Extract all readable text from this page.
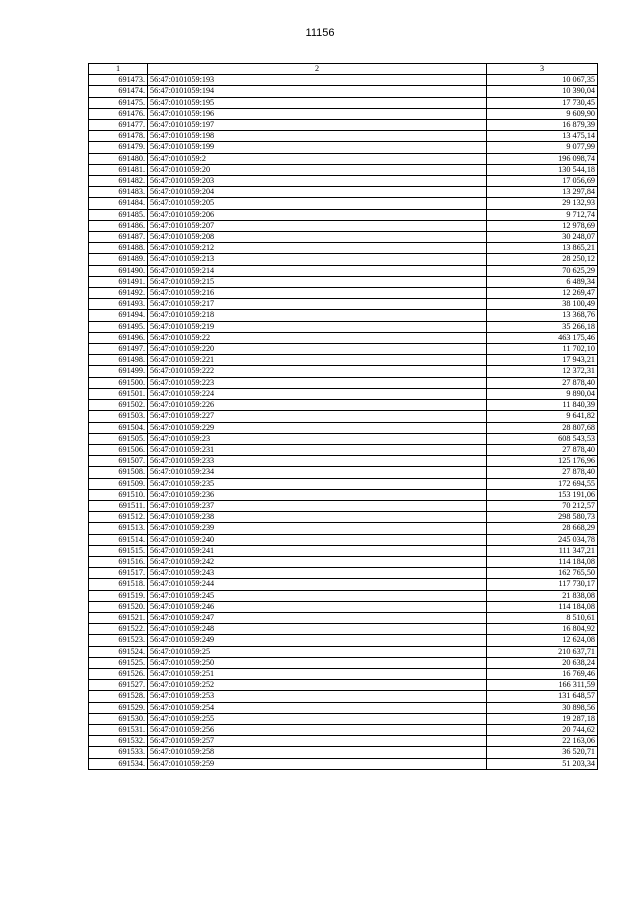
11156
1	2	3
691473.	56:47:0101059:193	10 067,35
691474.	56:47:0101059:194	10 390,04
691475.	56:47:0101059:195	17 730,45
691476.	56:47:0101059:196	9 609,90
691477.	56:47:0101059:197	16 879,39
691478.	56:47:0101059:198	13 475,14
691479.	56:47:0101059:199	9 077,99
691480.	56:47:0101059:2	196 098,74
691481.	56:47:0101059:20	130 544,18
691482.	56:47:0101059:203	17 056,69
691483.	56:47:0101059:204	13 297,84
691484.	56:47:0101059:205	29 132,93
691485.	56:47:0101059:206	9 712,74
691486.	56:47:0101059:207	12 978,69
691487.	56:47:0101059:208	30 248,07
691488.	56:47:0101059:212	13 865,21
691489.	56:47:0101059:213	28 250,12
691490.	56:47:0101059:214	70 625,29
691491.	56:47:0101059:215	6 489,34
691492.	56:47:0101059:216	12 269,47
691493.	56:47:0101059:217	38 100,49
691494.	56:47:0101059:218	13 368,76
691495.	56:47:0101059:219	35 266,18
691496.	56:47:0101059:22	463 175,46
691497.	56:47:0101059:220	11 702,10
691498.	56:47:0101059:221	17 943,21
691499.	56:47:0101059:222	12 372,31
691500.	56:47:0101059:223	27 878,40
691501.	56:47:0101059:224	9 890,04
691502.	56:47:0101059:226	11 840,39
691503.	56:47:0101059:227	9 641,82
691504.	56:47:0101059:229	28 807,68
691505.	56:47:0101059:23	608 543,53
691506.	56:47:0101059:231	27 878,40
691507.	56:47:0101059:233	125 176,96
691508.	56:47:0101059:234	27 878,40
691509.	56:47:0101059:235	172 694,55
691510.	56:47:0101059:236	153 191,06
691511.	56:47:0101059:237	70 212,57
691512.	56:47:0101059:238	298 580,73
691513.	56:47:0101059:239	28 668,29
691514.	56:47:0101059:240	245 034,78
691515.	56:47:0101059:241	111 347,21
691516.	56:47:0101059:242	114 184,08
691517.	56:47:0101059:243	162 765,50
691518.	56:47:0101059:244	117 730,17
691519.	56:47:0101059:245	21 838,08
691520.	56:47:0101059:246	114 184,08
691521.	56:47:0101059:247	8 510,61
691522.	56:47:0101059:248	16 804,92
691523.	56:47:0101059:249	12 624,08
691524.	56:47:0101059:25	210 637,71
691525.	56:47:0101059:250	20 638,24
691526.	56:47:0101059:251	16 769,46
691527.	56:47:0101059:252	166 311,59
691528.	56:47:0101059:253	131 648,57
691529.	56:47:0101059:254	30 898,56
691530.	56:47:0101059:255	19 287,18
691531.	56:47:0101059:256	20 744,62
691532.	56:47:0101059:257	22 163,06
691533.	56:47:0101059:258	36 520,71
691534.	56:47:0101059:259	51 203,34
